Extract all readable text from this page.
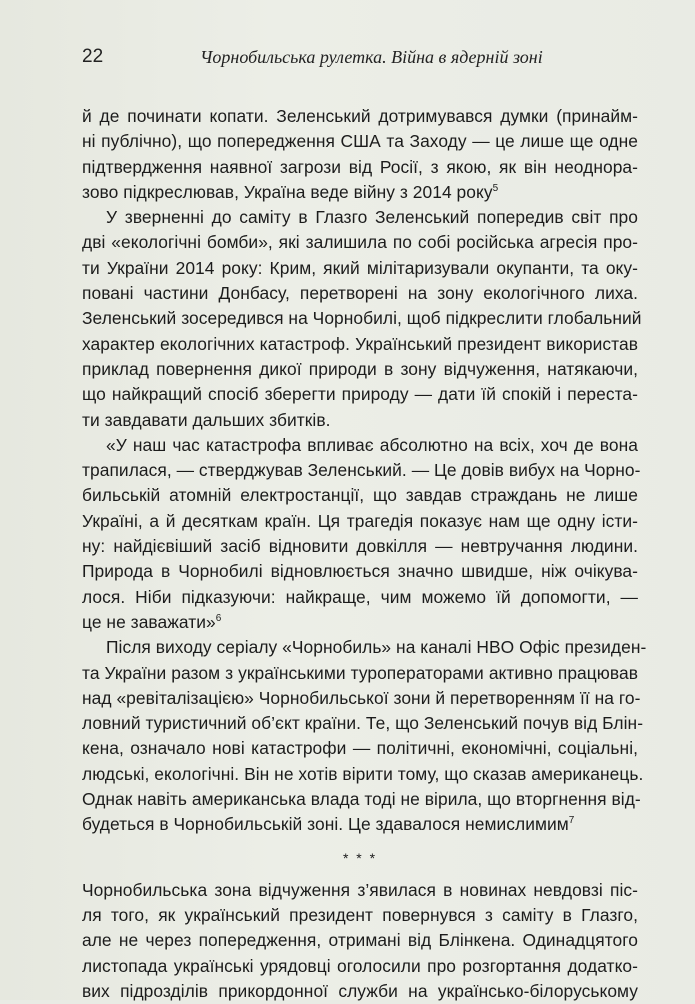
22	Чорнобильська рулетка. Війна в ядерній зоні
й де починати копати. Зеленський дотримувався думки (принайм-
ні публічно), що попередження США та Заходу — це лише ще одне
підтвердження наявної загрози від Росії, з якою, як він неоднора-
зово підкреслював, Україна веде війну з 2014 року$^5$
У зверненні до саміту в Глазго Зеленський попередив світ про
дві «екологічні бомби», які залишила по собі російська агресія про-
ти України 2014 року: Крим, який мілітаризували окупанти, та оку-
повані частини Донбасу, перетворені на зону екологічного лиха.
Зеленський зосередився на Чорнобилі, щоб підкреслити глобальний
характер екологічних катастроф. Український президент використав
приклад повернення дикої природи в зону відчуження, натякаючи,
що найкращий спосіб зберегти природу — дати їй спокій і переста-
ти завдавати дальших збитків.
«У наш час катастрофа впливає абсолютно на всіх, хоч де вона
трапилася, — стверджував Зеленський. — Це довів вибух на Чорно-
бильській атомній електростанції, що завдав страждань не лише
Україні, а й десяткам країн. Ця трагедія показує нам ще одну істи-
ну: найдієвіший засіб відновити довкілля — невтручання людини.
Природа в Чорнобилі відновлюється значно швидше, ніж очікува-
лося. Ніби підказуючи: найкраще, чим можемо їй допомогти, —
це не заважати»$^6$
Після виходу серіалу «Чорнобиль» на каналі HBO Офіс президен-
та України разом з українськими туроператорами активно працював
над «ревіталізацією» Чорнобильської зони й перетворенням її на го-
ловний туристичний об’єкт країни. Те, що Зеленський почув від Блін-
кена, означало нові катастрофи — політичні, економічні, соціальні,
людські, екологічні. Він не хотів вірити тому, що сказав американець.
Однак навіть американська влада тоді не вірила, що вторгнення від-
будеться в Чорнобильській зоні. Це здавалося немислимим$^7$
* * *
Чорнобильська зона відчуження з’явилася в новинах невдовзі піс-
ля того, як український президент повернувся з саміту в Глазго,
але не через попередження, отримані від Блінкена. Одинадцятого
листопада українські урядовці оголосили про розгортання додатко-
вих підрозділів прикордонної служби на українсько-білоруському
